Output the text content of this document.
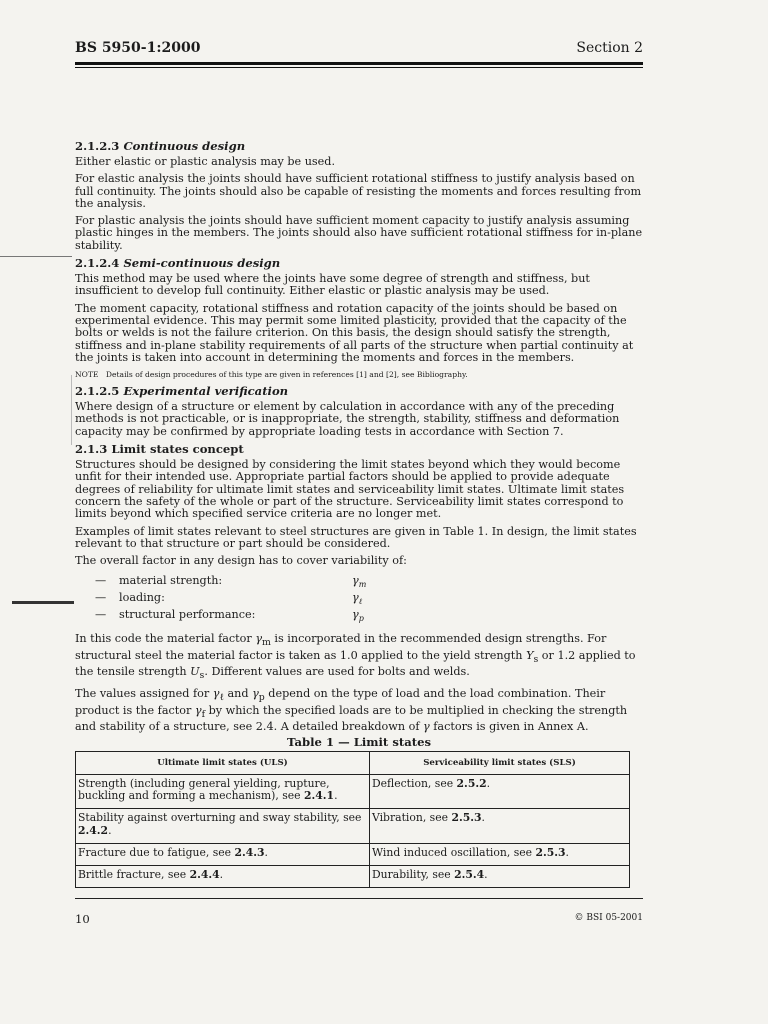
BS 5950-1:2000	Section 2
2.1.2.3 Continuous design

Either elastic or plastic analysis may be used.

For elastic analysis the joints should have sufficient rotational stiffness to justify analysis based on full continuity. The joints should also be capable of resisting the moments and forces resulting from the analysis.

For plastic analysis the joints should have sufficient moment capacity to justify analysis assuming plastic hinges in the members. The joints should also have sufficient rotational stiffness for in-plane stability.

2.1.2.4 Semi-continuous design

This method may be used where the joints have some degree of strength and stiffness, but insufficient to develop full continuity. Either elastic or plastic analysis may be used.

The moment capacity, rotational stiffness and rotation capacity of the joints should be based on experimental evidence. This may permit some limited plasticity, provided that the capacity of the bolts or welds is not the failure criterion. On this basis, the design should satisfy the strength, stiffness and in-plane stability requirements of all parts of the structure when partial continuity at the joints is taken into account in determining the moments and forces in the members.

NOTE Details of design procedures of this type are given in references [1] and [2], see Bibliography.

2.1.2.5 Experimental verification

Where design of a structure or element by calculation in accordance with any of the preceding methods is not practicable, or is inappropriate, the strength, stability, stiffness and deformation capacity may be confirmed by appropriate loading tests in accordance with Section 7.

2.1.3 Limit states concept

Structures should be designed by considering the limit states beyond which they would become unfit for their intended use. Appropriate partial factors should be applied to provide adequate degrees of reliability for ultimate limit states and serviceability limit states. Ultimate limit states concern the safety of the whole or part of the structure. Serviceability limit states correspond to limits beyond which specified service criteria are no longer met.

Examples of limit states relevant to steel structures are given in Table 1. In design, the limit states relevant to that structure or part should be considered.

The overall factor in any design has to cover variability of:

— material strength:	$\gamma_m$
— loading:	$\gamma_\ell$
— structural performance:	$\gamma_p$

In this code the material factor $\gamma_m$ is incorporated in the recommended design strengths. For structural steel the material factor is taken as 1.0 applied to the yield strength $Y_s$ or 1.2 applied to the tensile strength $U_s$. Different values are used for bolts and welds.

The values assigned for $\gamma_\ell$ and $\gamma_p$ depend on the type of load and the load combination. Their product is the factor $\gamma_f$ by which the specified loads are to be multiplied in checking the strength and stability of a structure, see 2.4. A detailed breakdown of γ factors is given in Annex A.

Table 1 — Limit states
Ultimate limit states (ULS)	Serviceability limit states (SLS)
Strength (including general yielding, rupture, buckling and forming a mechanism), see 2.4.1.	Deflection, see 2.5.2.
Stability against overturning and sway stability, see 2.4.2.	Vibration, see 2.5.3.
Fracture due to fatigue, see 2.4.3.	Wind induced oscillation, see 2.5.3.
Brittle fracture, see 2.4.4.	Durability, see 2.5.4.
10	© BSI 05-2001
